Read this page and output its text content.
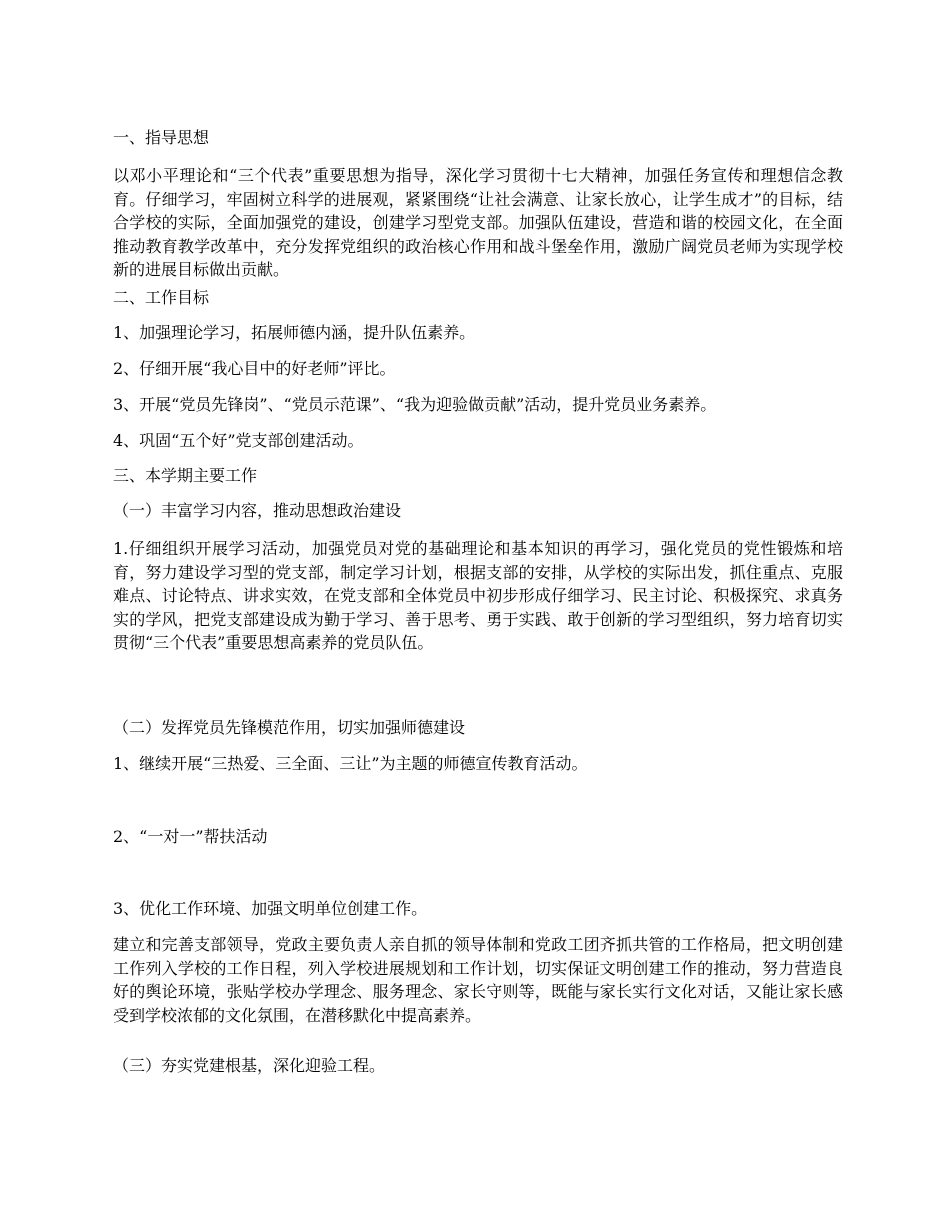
一、指导思想

以邓小平理论和“三个代表”重要思想为指导，深化学习贯彻十七大精神，加强任务宣传和理想信念教育。仔细学习，牢固树立科学的进展观，紧紧围绕“让社会满意、让家长放心，让学生成才”的目标，结合学校的实际，全面加强党的建设，创建学习型党支部。加强队伍建设，营造和谐的校园文化，在全面推动教育教学改革中，充分发挥党组织的政治核心作用和战斗堡垒作用，激励广阔党员老师为实现学校新的进展目标做出贡献。

二、工作目标

1、加强理论学习，拓展师德内涵，提升队伍素养。

2、仔细开展“我心目中的好老师”评比。

3、开展“党员先锋岗”、“党员示范课”、“我为迎验做贡献”活动，提升党员业务素养。

4、巩固“五个好”党支部创建活动。

三、本学期主要工作

（一）丰富学习内容，推动思想政治建设

1.仔细组织开展学习活动，加强党员对党的基础理论和基本知识的再学习，强化党员的党性锻炼和培育，努力建设学习型的党支部，制定学习计划，根据支部的安排，从学校的实际出发，抓住重点、克服难点、讨论特点、讲求实效，在党支部和全体党员中初步形成仔细学习、民主讨论、积极探究、求真务实的学风，把党支部建设成为勤于学习、善于思考、勇于实践、敢于创新的学习型组织，努力培育切实贯彻“三个代表”重要思想高素养的党员队伍。

（二）发挥党员先锋模范作用，切实加强师德建设

1、继续开展“三热爱、三全面、三让”为主题的师德宣传教育活动。

2、“一对一”帮扶活动

3、优化工作环境、加强文明单位创建工作。

建立和完善支部领导，党政主要负责人亲自抓的领导体制和党政工团齐抓共管的工作格局，把文明创建工作列入学校的工作日程，列入学校进展规划和工作计划，切实保证文明创建工作的推动，努力营造良好的舆论环境，张贴学校办学理念、服务理念、家长守则等，既能与家长实行文化对话，又能让家长感受到学校浓郁的文化氛围，在潜移默化中提高素养。

（三）夯实党建根基，深化迎验工程。
